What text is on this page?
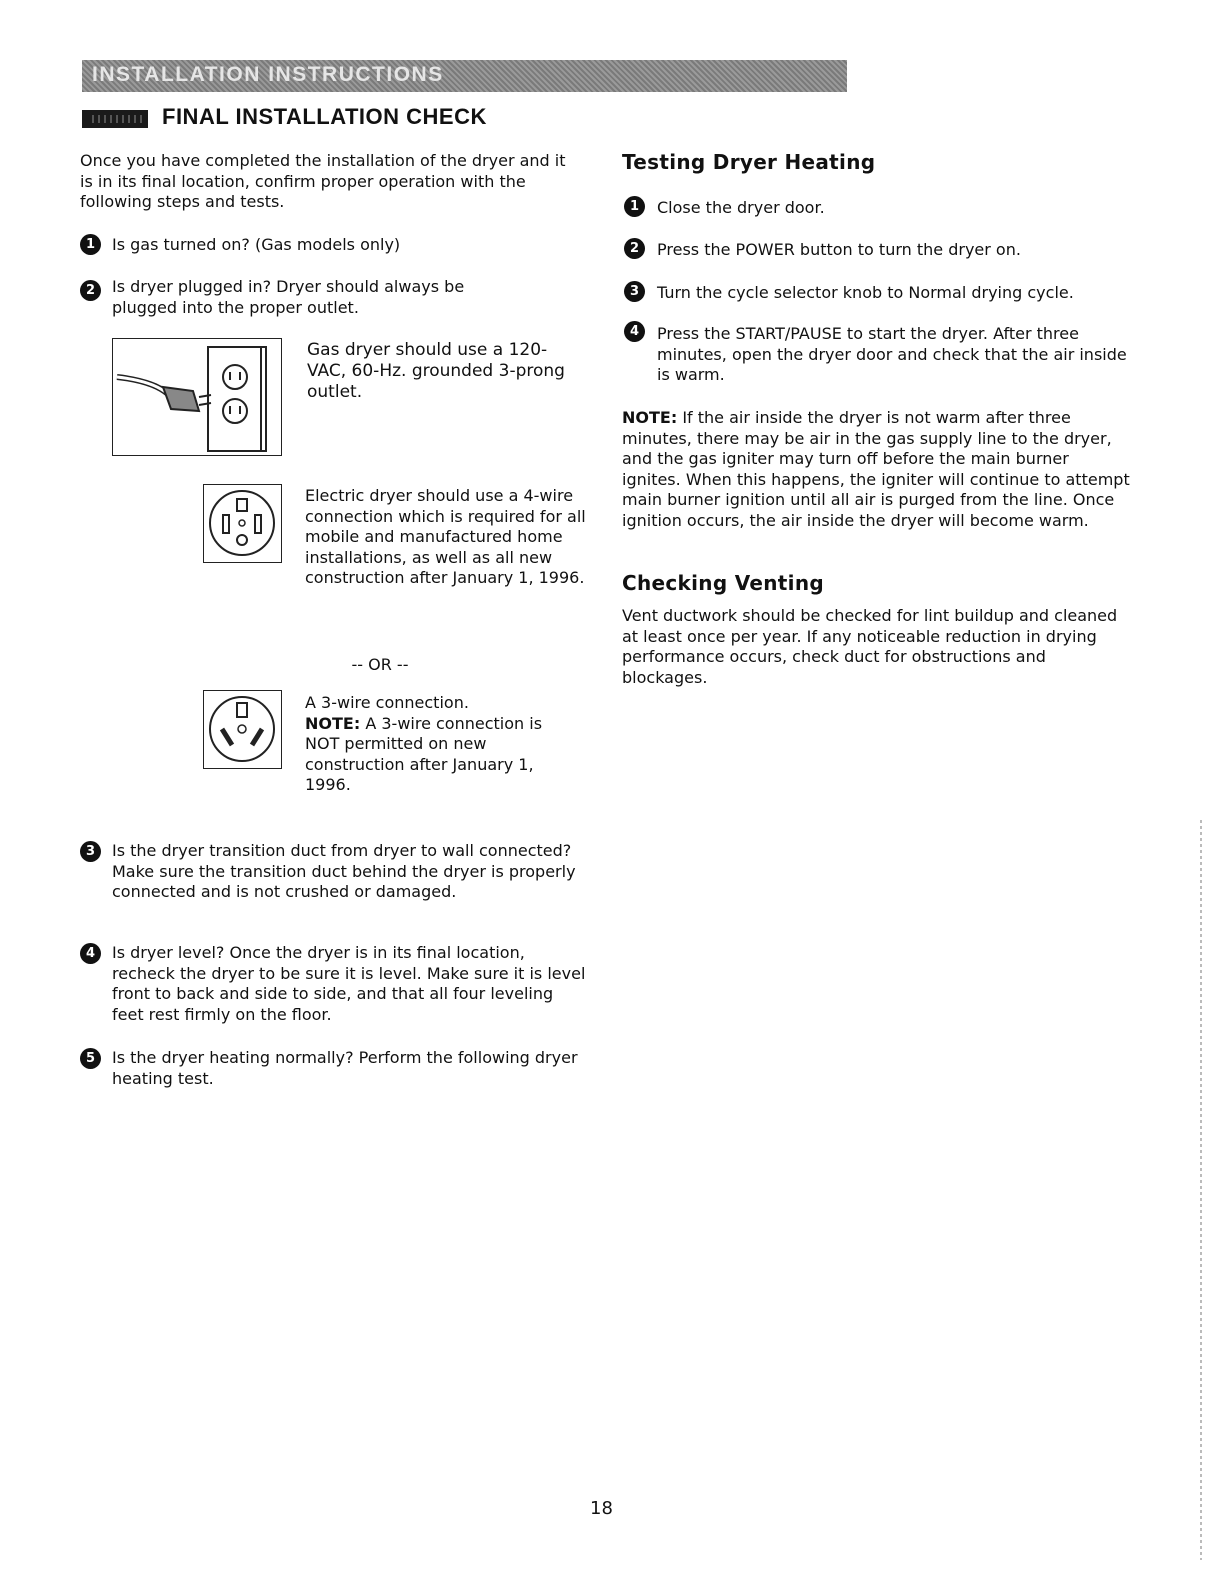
INSTALLATION INSTRUCTIONS
FINAL INSTALLATION CHECK
Once you have completed the installation of the dryer and it is in its final location, confirm proper operation with the following steps and tests.
1	Is gas turned on? (Gas models only)
2	Is dryer plugged in? Dryer should always be plugged into the proper outlet.
Gas dryer should use a 120-VAC, 60-Hz. grounded 3-prong outlet.
Electric dryer should use a 4-wire connection which is required for all mobile and manufactured home installations, as well as all new construction after January 1, 1996.
-- OR --
A 3-wire connection.
NOTE: A 3-wire connection is NOT permitted on new construction after January 1, 1996.
3	Is the dryer transition duct from dryer to wall connected? Make sure the transition duct behind the dryer is properly connected and is not crushed or damaged.
4	Is dryer level? Once the dryer is in its final location, recheck the dryer to be sure it is level. Make sure it is level front to back and side to side, and that all four leveling feet rest firmly on the floor.
5	Is the dryer heating normally? Perform the following dryer heating test.
Testing Dryer Heating
1	Close the dryer door.
2	Press the POWER button to turn the dryer on.
3	Turn the cycle selector knob to Normal drying cycle.
4	Press the START/PAUSE to start the dryer. After three minutes, open the dryer door and check that the air inside is warm.
NOTE: If the air inside the dryer is not warm after three minutes, there may be air in the gas supply line to the dryer, and the gas igniter may turn off before the main burner ignites. When this happens, the igniter will continue to attempt main burner ignition until all air is purged from the line. Once ignition occurs, the air inside the dryer will become warm.
Checking Venting
Vent ductwork should be checked for lint buildup and cleaned at least once per year. If any noticeable reduction in drying performance occurs, check duct for obstructions and blockages.
18
